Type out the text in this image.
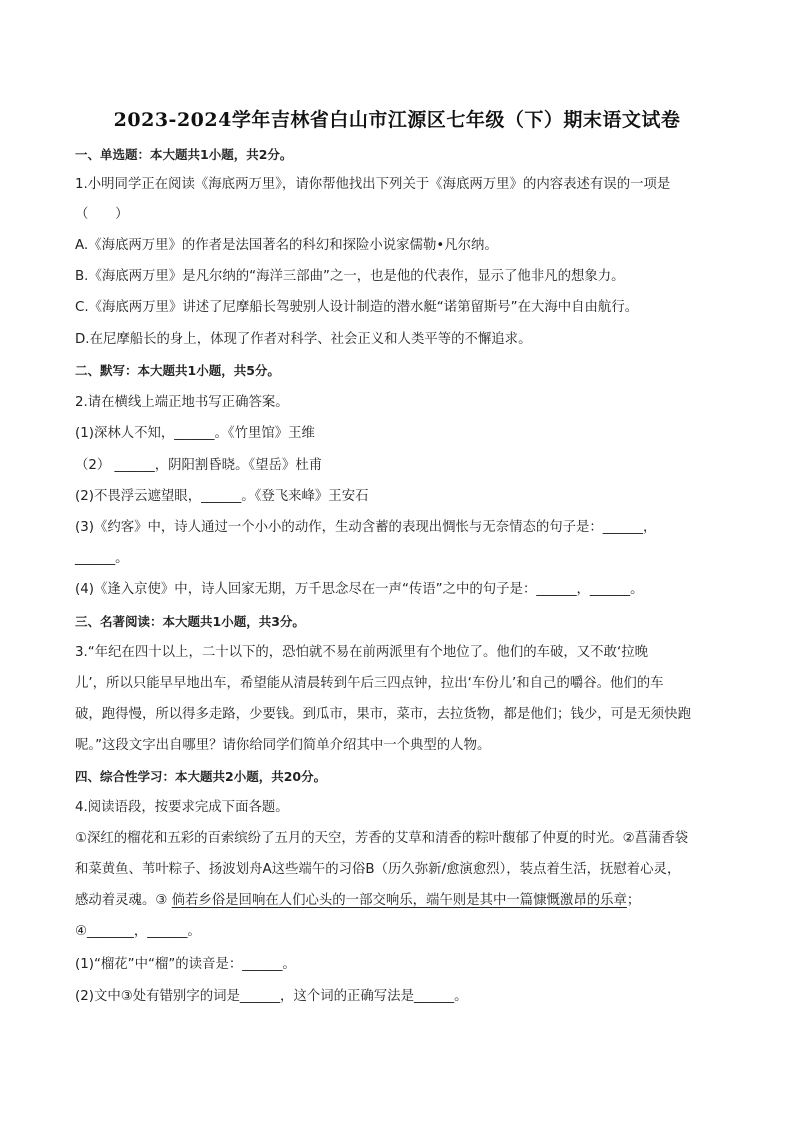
2023-2024学年吉林省白山市江源区七年级（下）期末语文试卷
一、单选题：本大题共1小题，共2分。
1.小明同学正在阅读《海底两万里》，请你帮他找出下列关于《海底两万里》的内容表述有误的一项是
（　　）
A.《海底两万里》的作者是法国著名的科幻和探险小说家儒勒•凡尔纳。
B.《海底两万里》是凡尔纳的“海洋三部曲”之一，也是他的代表作，显示了他非凡的想象力。
C.《海底两万里》讲述了尼摩船长驾驶别人设计制造的潜水艇“诺第留斯号”在大海中自由航行。
D.在尼摩船长的身上，体现了作者对科学、社会正义和人类平等的不懈追求。
二、默写：本大题共1小题，共5分。
2.请在横线上端正地书写正确答案。
(1)深林人不知，______。《竹里馆》王维
（2） ______，阴阳割昏晓。《望岳》杜甫
(2)不畏浮云遮望眼，______。《登飞来峰》王安石
(3)《约客》中，诗人通过一个小小的动作，生动含蓄的表现出惆怅与无奈情态的句子是：______，
______。
(4)《逢入京使》中，诗人回家无期，万千思念尽在一声“传语”之中的句子是：______，______。
三、名著阅读：本大题共1小题，共3分。
3.“年纪在四十以上，二十以下的，恐怕就不易在前两派里有个地位了。他们的车破，又不敢‘拉晚
儿’，所以只能早早地出车，希望能从清晨转到午后三四点钟，拉出‘车份儿’和自己的嚼谷。他们的车
破，跑得慢，所以得多走路，少要钱。到瓜市，果市，菜市，去拉货物，都是他们；钱少，可是无须快跑
呢。”这段文字出自哪里？请你给同学们简单介绍其中一个典型的人物。
四、综合性学习：本大题共2小题，共20分。
4.阅读语段，按要求完成下面各题。
①深红的榴花和五彩的百索缤纷了五月的天空，芳香的艾草和清香的粽叶馥郁了仲夏的时光。②菖蒲香袋
和菜黄鱼、苇叶粽子、扬波划舟A这些端午的习俗B（历久弥新/愈演愈烈），装点着生活，抚慰着心灵，
感动着灵魂。③ 倘若乡俗是回响在人们心头的一部交响乐，端午则是其中一篇慷慨激昂的乐章；
④_______，______。
(1)“榴花”中“榴”的读音是：______。
(2)文中③处有错别字的词是______，这个词的正确写法是______。
